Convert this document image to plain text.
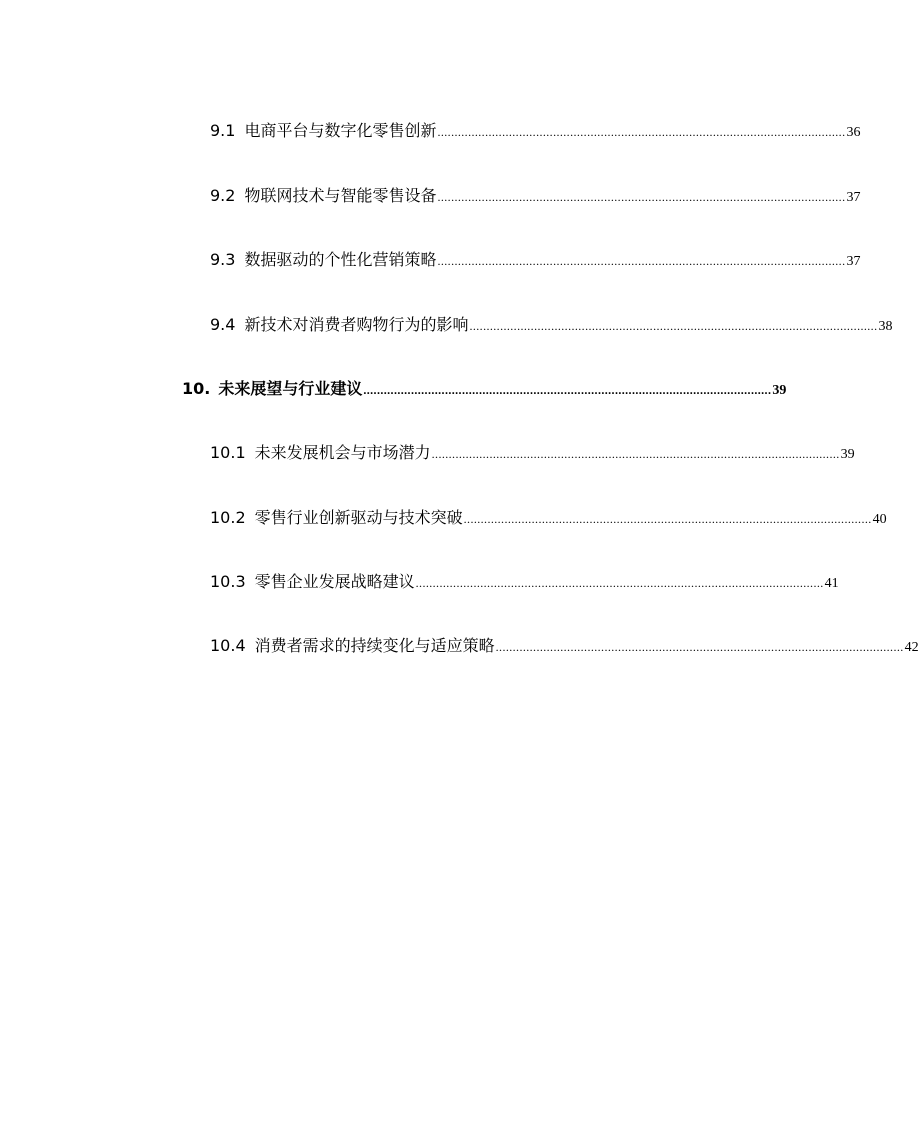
9.1 电商平台与数字化零售创新 ........................................................................................................................ 36
9.2 物联网技术与智能零售设备 ........................................................................................................................ 37
9.3 数据驱动的个性化营销策略 ........................................................................................................................ 37
9.4 新技术对消费者购物行为的影响 ........................................................................................................................ 38
10. 未来展望与行业建议 ........................................................................................................................ 39
10.1 未来发展机会与市场潜力 ........................................................................................................................ 39
10.2 零售行业创新驱动与技术突破 ........................................................................................................................ 40
10.3 零售企业发展战略建议 ........................................................................................................................ 41
10.4 消费者需求的持续变化与适应策略 ........................................................................................................................ 42
